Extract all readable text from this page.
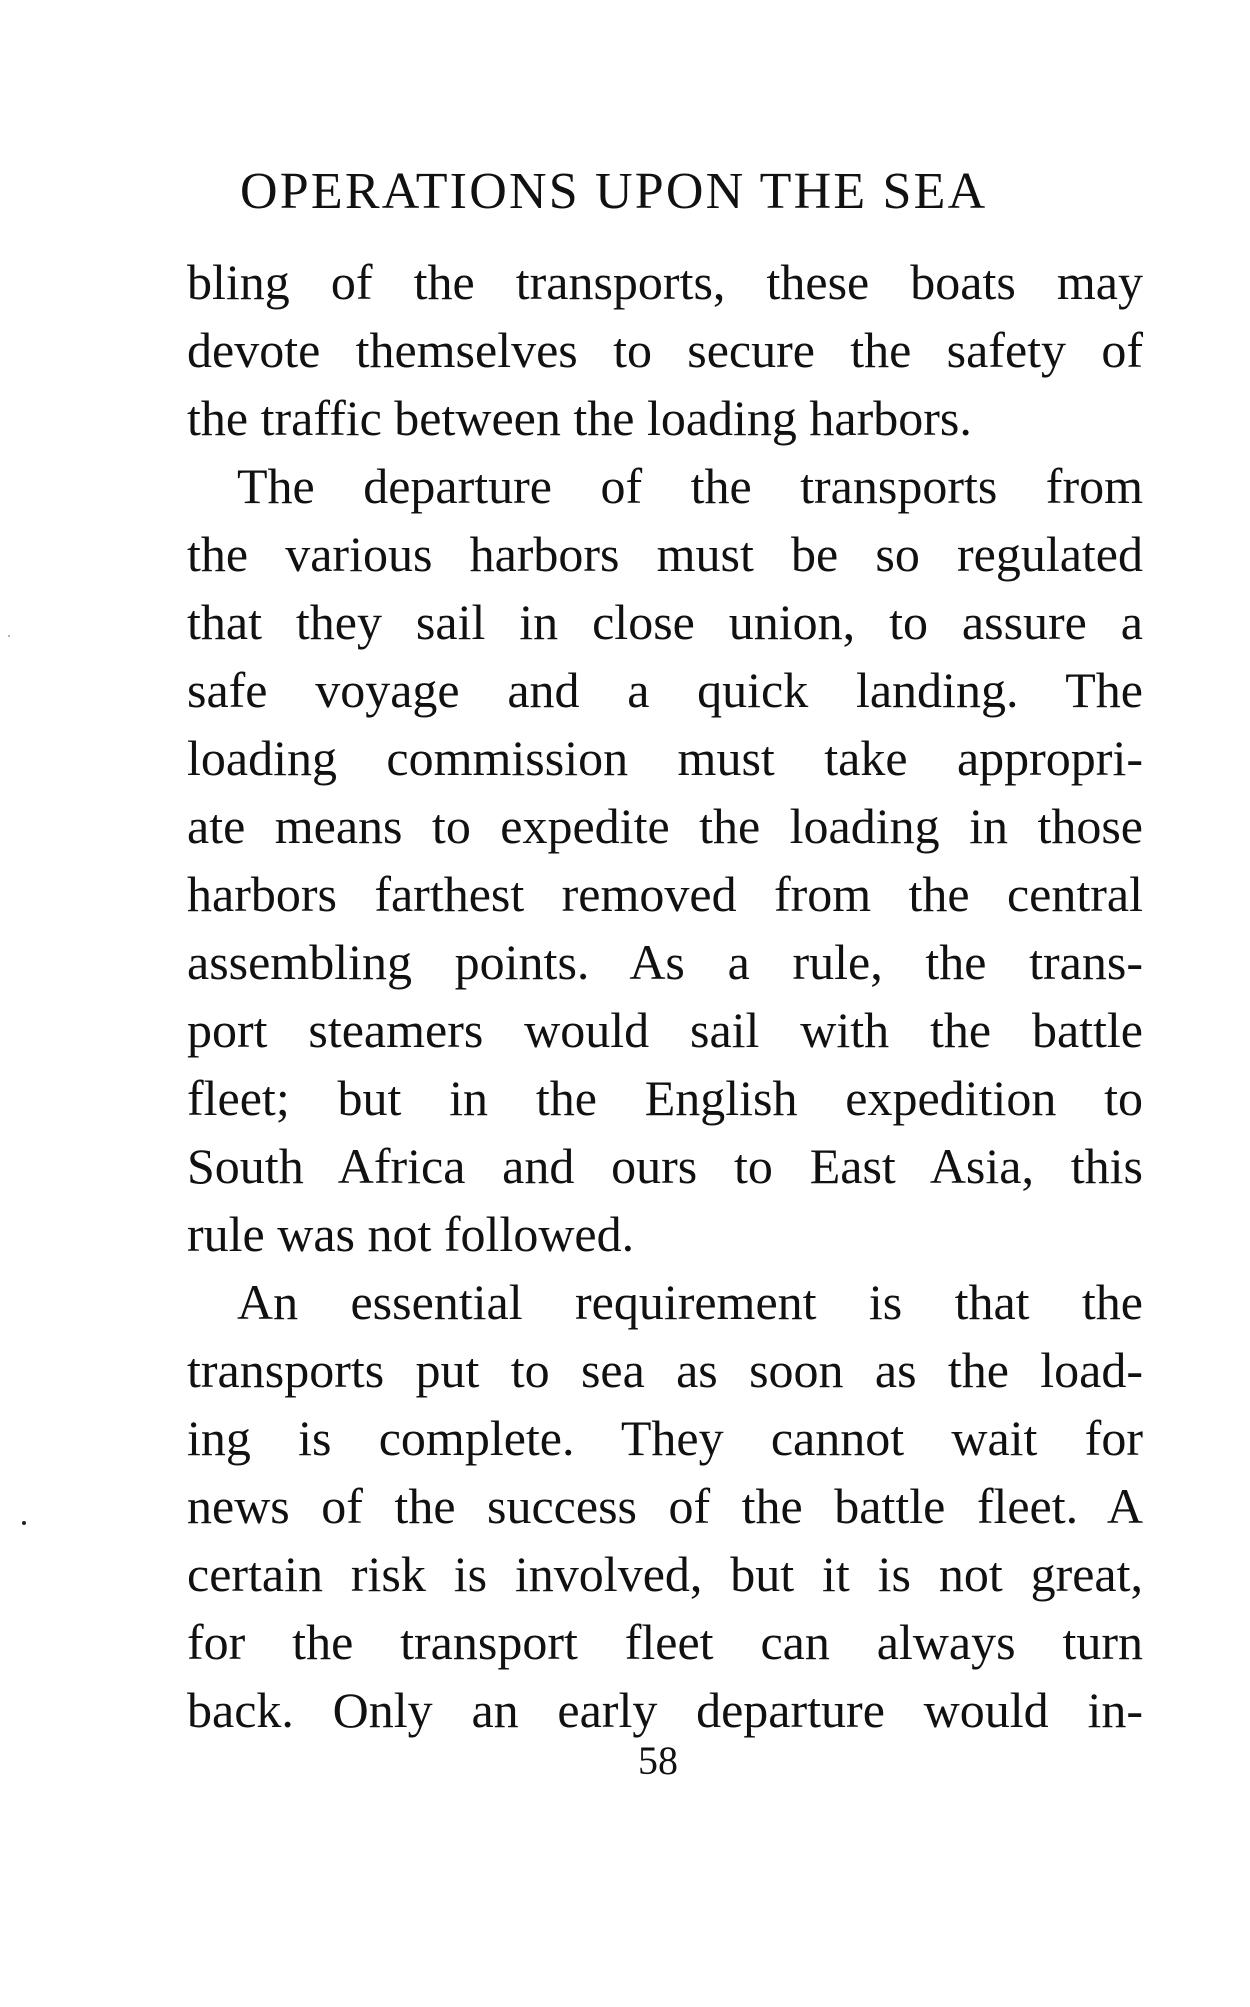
OPERATIONS UPON THE SEA
bling of the transports, these boats may
devote themselves to secure the safety of
the traffic between the loading harbors.
The departure of the transports from
the various harbors must be so regulated
that they sail in close union, to assure a
safe voyage and a quick landing. The
loading commission must take appropri-
ate means to expedite the loading in those
harbors farthest removed from the central
assembling points. As a rule, the trans-
port steamers would sail with the battle
fleet; but in the English expedition to
South Africa and ours to East Asia, this
rule was not followed.
An essential requirement is that the
transports put to sea as soon as the load-
ing is complete. They cannot wait for
news of the success of the battle fleet. A
certain risk is involved, but it is not great,
for the transport fleet can always turn
back. Only an early departure would in-
58
